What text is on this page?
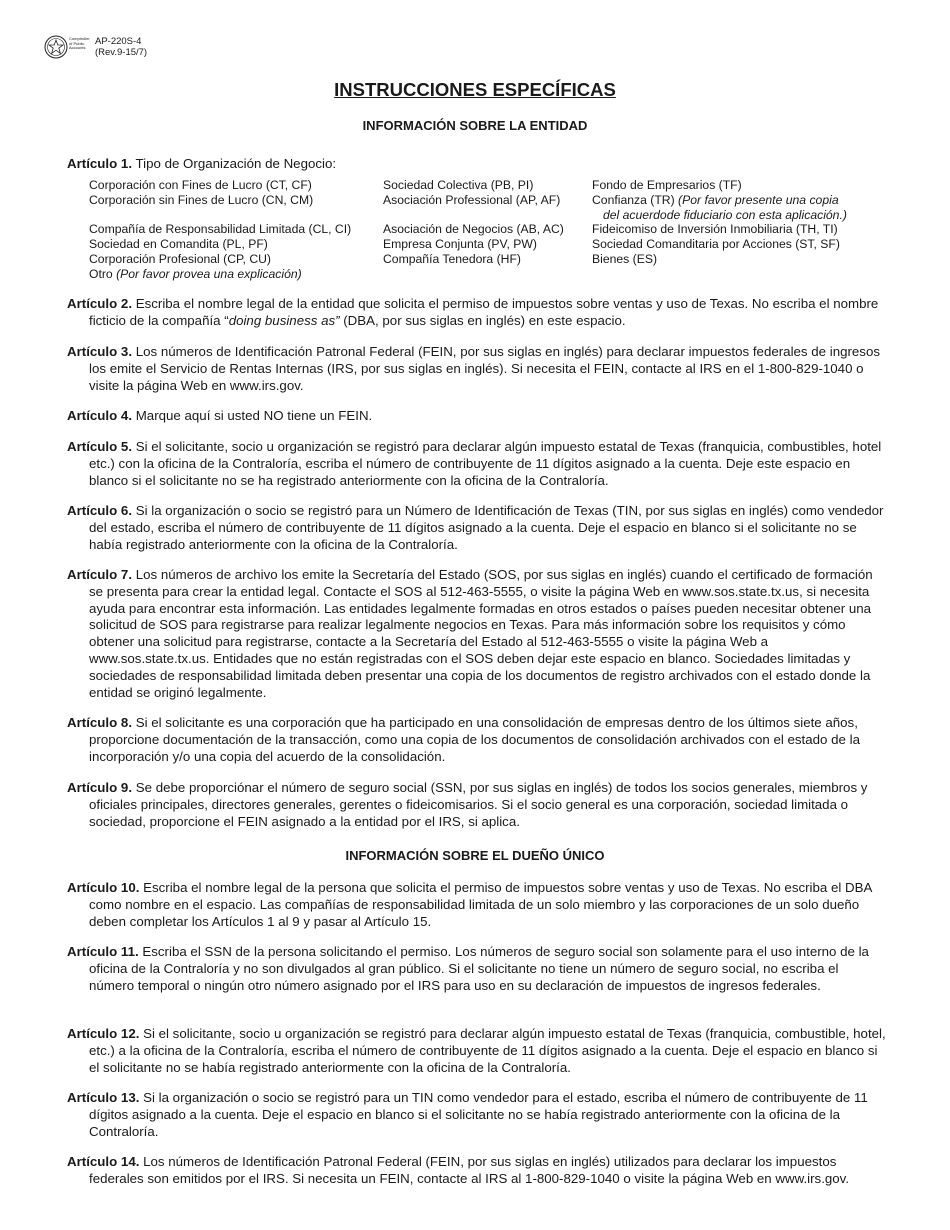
Comptroller of Public Accounts
AP-220S-4
(Rev.9-15/7)
INSTRUCCIONES ESPECÍFICAS
INFORMACIÓN SOBRE LA ENTIDAD
Artículo 1. Tipo de Organización de Negocio:
Corporación con Fines de Lucro (CT, CF)
Corporación sin Fines de Lucro (CN, CM)
Compañía de Responsabilidad Limitada (CL, CI)
Sociedad en Comandita (PL, PF)
Corporación Profesional (CP, CU)
Otro (Por favor provea una explicación)
Sociedad Colectiva (PB, PI)
Asociación Professional (AP, AF)
Asociación de Negocios (AB, AC)
Empresa Conjunta (PV, PW)
Compañía Tenedora (HF)
Fondo de Empresarios (TF)
Confianza (TR) (Por favor presente una copia
del acuerdode fiduciario con esta aplicación.)
Fideicomiso de Inversión Inmobiliaria (TH, TI)
Sociedad Comanditaria por Acciones (ST, SF)
Bienes (ES)
Artículo 2. Escriba el nombre legal de la entidad que solicita el permiso de impuestos sobre ventas y uso de Texas. No escriba el nombre ficticio de la compañía “doing business as” (DBA, por sus siglas en inglés) en este espacio.
Artículo 3. Los números de Identificación Patronal Federal (FEIN, por sus siglas en inglés) para declarar impuestos federales de ingresos los emite el Servicio de Rentas Internas (IRS, por sus siglas en inglés). Si necesita el FEIN, contacte al IRS en el 1-800-829-1040 o visite la página Web en www.irs.gov.
Artículo 4. Marque aquí si usted NO tiene un FEIN.
Artículo 5. Si el solicitante, socio u organización se registró para declarar algún impuesto estatal de Texas (franquicia, combustibles, hotel etc.) con la oficina de la Contraloría, escriba el número de contribuyente de 11 dígitos asignado a la cuenta. Deje este espacio en blanco si el solicitante no se ha registrado anteriormente con la oficina de la Contraloría.
Artículo 6. Si la organización o socio se registró para un Número de Identificación de Texas (TIN, por sus siglas en inglés) como vendedor del estado, escriba el número de contribuyente de 11 dígitos asignado a la cuenta. Deje el espacio en blanco si el solicitante no se había registrado anteriormente con la oficina de la Contraloría.
Artículo 7. Los números de archivo los emite la Secretaría del Estado (SOS, por sus siglas en inglés) cuando el certificado de formación se presenta para crear la entidad legal. Contacte el SOS al 512-463-5555, o visite la página Web en www.sos.state.tx.us, si necesita ayuda para encontrar esta información. Las entidades legalmente formadas en otros estados o países pueden necesitar obtener una solicitud de SOS para registrarse para realizar legalmente negocios en Texas. Para más información sobre los requisitos y cómo obtener una solicitud para registrarse, contacte a la Secretaría del Estado al 512-463-5555 o visite la página Web a www.sos.state.tx.us. Entidades que no están registradas con el SOS deben dejar este espacio en blanco. Sociedades limitadas y sociedades de responsabilidad limitada deben presentar una copia de los documentos de registro archivados con el estado donde la entidad se originó legalmente.
Artículo 8. Si el solicitante es una corporación que ha participado en una consolidación de empresas dentro de los últimos siete años, proporcione documentación de la transacción, como una copia de los documentos de consolidación archivados con el estado de la incorporación y/o una copia del acuerdo de la consolidación.
Artículo 9. Se debe proporciónar el número de seguro social (SSN, por sus siglas en inglés) de todos los socios generales, miembros y oficiales principales, directores generales, gerentes o fideicomisarios. Si el socio general es una corporación, sociedad limitada o sociedad, proporcione el FEIN asignado a la entidad por el IRS, si aplica.
INFORMACIÓN SOBRE EL DUEÑO ÚNICO
Artículo 10. Escriba el nombre legal de la persona que solicita el permiso de impuestos sobre ventas y uso de Texas. No escriba el DBA como nombre en el espacio. Las compañías de responsabilidad limitada de un solo miembro y las corporaciones de un solo dueño deben completar los Artículos 1 al 9 y pasar al Artículo 15.
Artículo 11. Escriba el SSN de la persona solicitando el permiso. Los números de seguro social son solamente para el uso interno de la oficina de la Contraloría y no son divulgados al gran público. Si el solicitante no tiene un número de seguro social, no escriba el número temporal o ningún otro número asignado por el IRS para uso en su declaración de impuestos de ingresos federales.
Artículo 12. Si el solicitante, socio u organización se registró para declarar algún impuesto estatal de Texas (franquicia, combustible, hotel, etc.) a la oficina de la Contraloría, escriba el número de contribuyente de 11 dígitos asignado a la cuenta. Deje el espacio en blanco si el solicitante no se había registrado anteriormente con la oficina de la Contraloría.
Artículo 13. Si la organización o socio se registró para un TIN como vendedor para el estado, escriba el número de contribuyente de 11 dígitos asignado a la cuenta. Deje el espacio en blanco si el solicitante no se había registrado anteriormente con la oficina de la Contraloría.
Artículo 14. Los números de Identificación Patronal Federal (FEIN, por sus siglas en inglés) utilizados para declarar los impuestos federales son emitidos por el IRS. Si necesita un FEIN, contacte al IRS al 1-800-829-1040 o visite la página Web en www.irs.gov.
